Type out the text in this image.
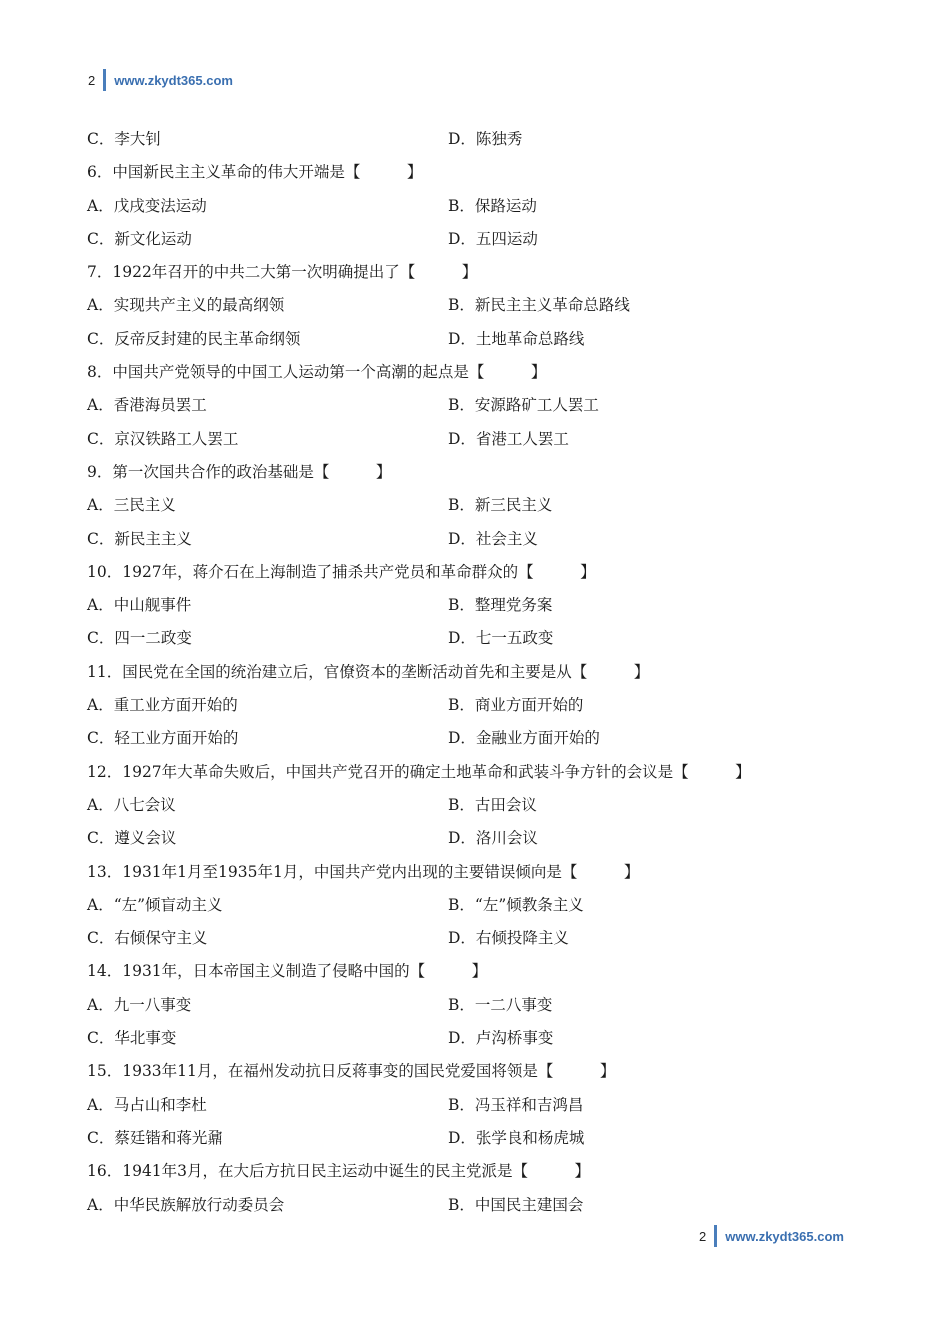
2 www.zkydt365.com
C．李大钊	D．陈独秀
6．中国新民主主义革命的伟大开端是【　　　】
A．戊戌变法运动	B．保路运动
C．新文化运动	D．五四运动
7．1922年召开的中共二大第一次明确提出了【　　　】
A．实现共产主义的最高纲领	B．新民主主义革命总路线
C．反帝反封建的民主革命纲领	D．土地革命总路线
8．中国共产党领导的中国工人运动第一个高潮的起点是【　　　】
A．香港海员罢工	B．安源路矿工人罢工
C．京汉铁路工人罢工	D．省港工人罢工
9．第一次国共合作的政治基础是【　　　】
A．三民主义	B．新三民主义
C．新民主主义	D．社会主义
10．1927年，蒋介石在上海制造了捕杀共产党员和革命群众的【　　　】
A．中山舰事件	B．整理党务案
C．四一二政变	D．七一五政变
11．国民党在全国的统治建立后，官僚资本的垄断活动首先和主要是从【　　　】
A．重工业方面开始的	B．商业方面开始的
C．轻工业方面开始的	D．金融业方面开始的
12．1927年大革命失败后，中国共产党召开的确定土地革命和武装斗争方针的会议是【　　　】
A．八七会议	B．古田会议
C．遵义会议	D．洛川会议
13．1931年1月至1935年1月，中国共产党内出现的主要错误倾向是【　　　】
A．“左”倾盲动主义	B．“左”倾教条主义
C．右倾保守主义	D．右倾投降主义
14．1931年，日本帝国主义制造了侵略中国的【　　　】
A．九一八事变	B．一二八事变
C．华北事变	D．卢沟桥事变
15．1933年11月，在福州发动抗日反蒋事变的国民党爱国将领是【　　　】
A．马占山和李杜	B．冯玉祥和吉鸿昌
C．蔡廷锴和蒋光鼐	D．张学良和杨虎城
16．1941年3月，在大后方抗日民主运动中诞生的民主党派是【　　　】
A．中华民族解放行动委员会	B．中国民主建国会
2 www.zkydt365.com
